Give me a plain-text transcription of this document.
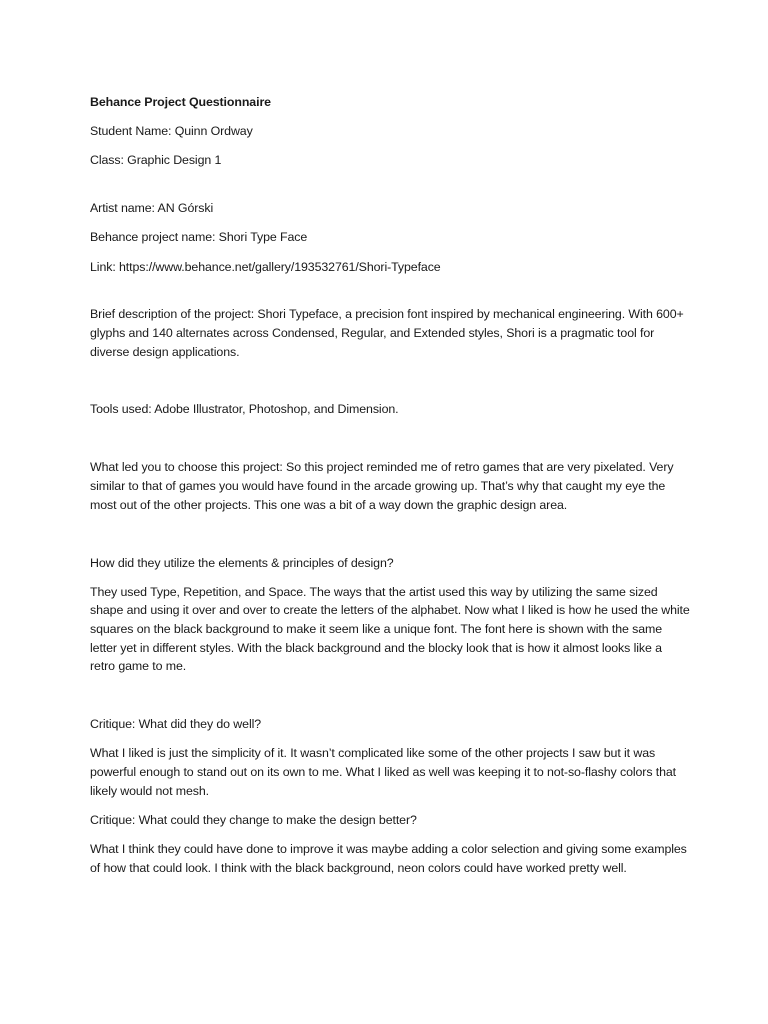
Behance Project Questionnaire

Student Name: Quinn Ordway

Class: Graphic Design 1

Artist name: AN Górski

Behance project name: Shori Type Face

Link: https://www.behance.net/gallery/193532761/Shori-Typeface

Brief description of the project: Shori Typeface, a precision font inspired by mechanical engineering. With 600+ glyphs and 140 alternates across Condensed, Regular, and Extended styles, Shori is a pragmatic tool for diverse design applications.

Tools used: Adobe Illustrator, Photoshop, and Dimension.

What led you to choose this project: So this project reminded me of retro games that are very pixelated. Very similar to that of games you would have found in the arcade growing up. That’s why that caught my eye the most out of the other projects. This one was a bit of a way down the graphic design area.

How did they utilize the elements & principles of design?

They used Type, Repetition, and Space. The ways that the artist used this way by utilizing the same sized shape and using it over and over to create the letters of the alphabet. Now what I liked is how he used the white squares on the black background to make it seem like a unique font. The font here is shown with the same letter yet in different styles. With the black background and the blocky look that is how it almost looks like a retro game to me.

Critique: What did they do well?

What I liked is just the simplicity of it. It wasn’t complicated like some of the other projects I saw but it was powerful enough to stand out on its own to me. What I liked as well was keeping it to not-so-flashy colors that likely would not mesh.

Critique: What could they change to make the design better?

What I think they could have done to improve it was maybe adding a color selection and giving some examples of how that could look. I think with the black background, neon colors could have worked pretty well.
